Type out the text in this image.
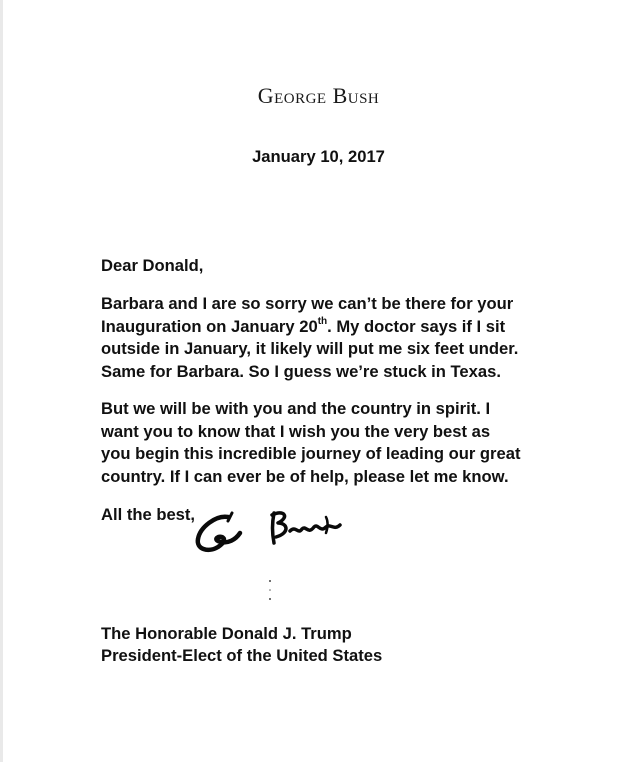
George Bush
January 10, 2017
Dear Donald,
Barbara and I are so sorry we can’t be there for your
Inauguration on January 20th. My doctor says if I sit
outside in January, it likely will put me six feet under.
Same for Barbara. So I guess we’re stuck in Texas.
But we will be with you and the country in spirit. I
want you to know that I wish you the very best as
you begin this incredible journey of leading our great
country. If I can ever be of help, please let me know.
All the best,
The Honorable Donald J. Trump
President-Elect of the United States
